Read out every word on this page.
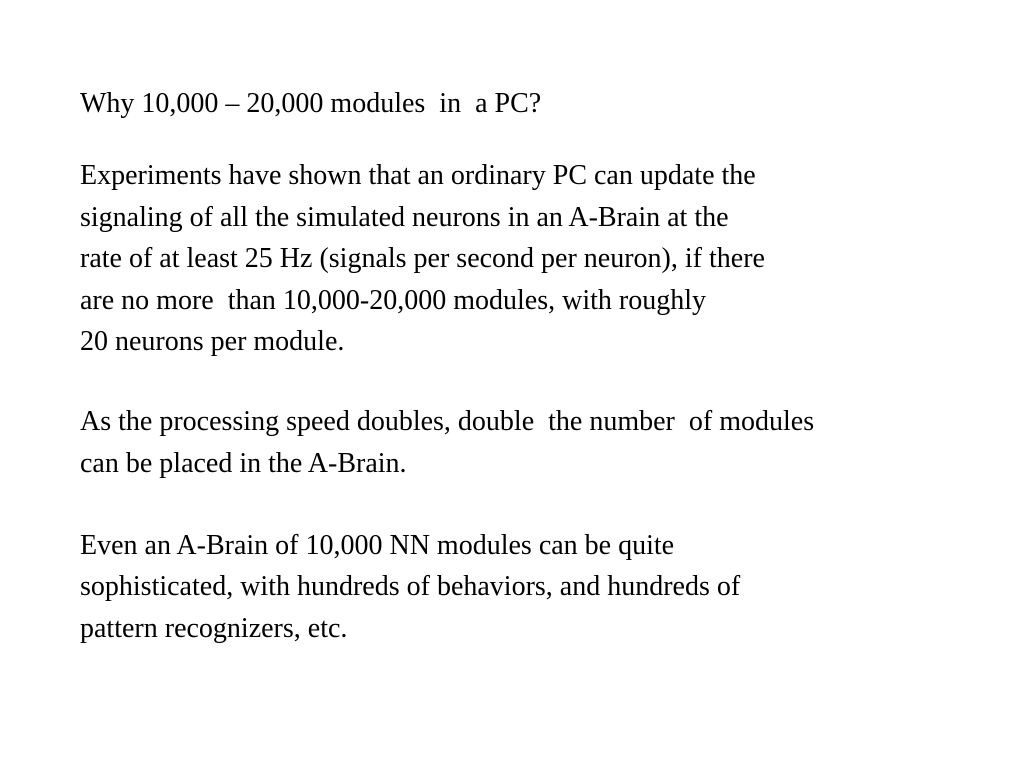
Why 10,000 – 20,000 modules  in  a PC?
Experiments have shown that an ordinary PC can update the
signaling of all the simulated neurons in an A-Brain at the
rate of at least 25 Hz (signals per second per neuron), if there
are no more  than 10,000-20,000 modules, with roughly
20 neurons per module.
As the processing speed doubles, double  the number  of modules
can be placed in the A-Brain.
Even an A-Brain of 10,000 NN modules can be quite
sophisticated, with hundreds of behaviors, and hundreds of
pattern recognizers, etc.
